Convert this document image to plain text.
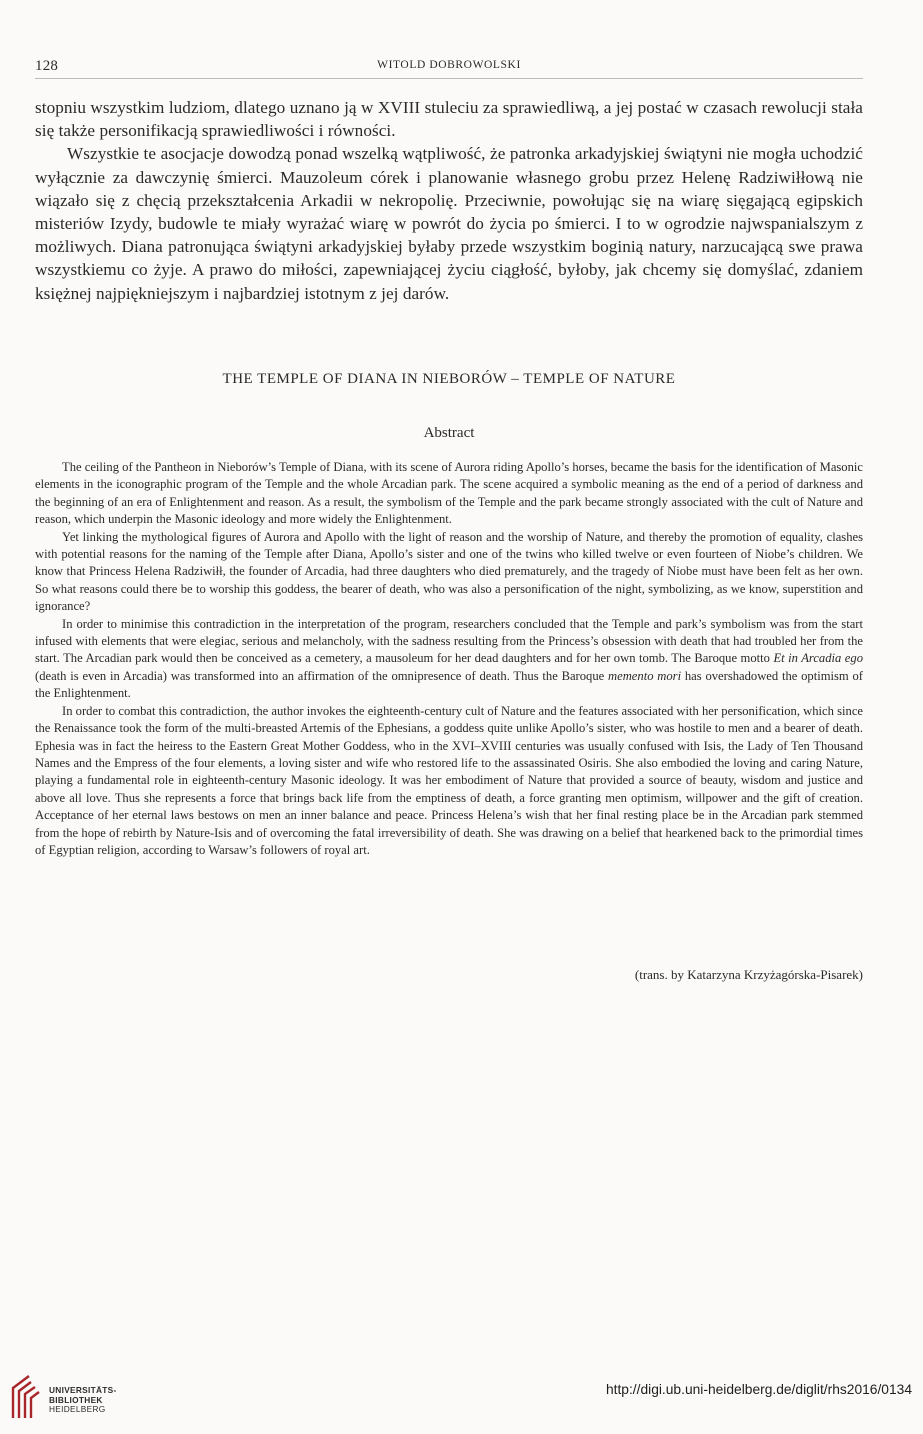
128	WITOLD DOBROWOLSKI

stopniu wszystkim ludziom, dlatego uznano ją w XVIII stuleciu za sprawiedliwą, a jej postać w czasach rewolucji stała się także personifikacją sprawiedliwości i równości.

Wszystkie te asocjacje dowodzą ponad wszelką wątpliwość, że patronka arkadyjskiej świątyni nie mogła uchodzić wyłącznie za dawczynię śmierci. Mauzoleum córek i planowanie własnego grobu przez Helenę Radziwiłłową nie wiązało się z chęcią przekształcenia Arkadii w nekropolię. Przeciwnie, powołując się na wiarę sięgającą egipskich misteriów Izydy, budowle te miały wyrażać wiarę w powrót do życia po śmierci. I to w ogrodzie najwspanialszym z możliwych. Diana patronująca świątyni arkadyjskiej byłaby przede wszystkim boginią natury, narzucającą swe prawa wszystkiemu co żyje. A prawo do miłości, zapewniającej życiu ciągłość, byłoby, jak chcemy się domyślać, zdaniem księżnej najpiękniejszym i najbardziej istotnym z jej darów.

THE TEMPLE OF DIANA IN NIEBORÓW – TEMPLE OF NATURE
Abstract

The ceiling of the Pantheon in Nieborów’s Temple of Diana, with its scene of Aurora riding Apollo’s horses, became the basis for the identification of Masonic elements in the iconographic program of the Temple and the whole Arcadian park. The scene acquired a symbolic meaning as the end of a period of darkness and the beginning of an era of Enlightenment and reason. As a result, the symbolism of the Temple and the park became strongly associated with the cult of Nature and reason, which underpin the Masonic ideology and more widely the Enlightenment.

Yet linking the mythological figures of Aurora and Apollo with the light of reason and the worship of Nature, and thereby the promotion of equality, clashes with potential reasons for the naming of the Temple after Diana, Apollo’s sister and one of the twins who killed twelve or even fourteen of Niobe’s children. We know that Princess Helena Radziwiłł, the founder of Arcadia, had three daughters who died prematurely, and the tragedy of Niobe must have been felt as her own. So what reasons could there be to worship this goddess, the bearer of death, who was also a personification of the night, symbolizing, as we know, superstition and ignorance?

In order to minimise this contradiction in the interpretation of the program, researchers concluded that the Temple and park’s symbolism was from the start infused with elements that were elegiac, serious and melancholy, with the sadness resulting from the Princess’s obsession with death that had troubled her from the start. The Arcadian park would then be conceived as a cemetery, a mausoleum for her dead daughters and for her own tomb. The Baroque motto Et in Arcadia ego (death is even in Arcadia) was transformed into an affirmation of the omnipresence of death. Thus the Baroque memento mori has overshadowed the optimism of the Enlightenment.

In order to combat this contradiction, the author invokes the eighteenth-century cult of Nature and the features associated with her personification, which since the Renaissance took the form of the multi-breasted Artemis of the Ephesians, a goddess quite unlike Apollo’s sister, who was hostile to men and a bearer of death. Ephesia was in fact the heiress to the Eastern Great Mother Goddess, who in the XVI–XVIII centuries was usually confused with Isis, the Lady of Ten Thousand Names and the Empress of the four elements, a loving sister and wife who restored life to the assassinated Osiris. She also embodied the loving and caring Nature, playing a fundamental role in eighteenth-century Masonic ideology. It was her embodiment of Nature that provided a source of beauty, wisdom and justice and above all love. Thus she represents a force that brings back life from the emptiness of death, a force granting men optimism, willpower and the gift of creation. Acceptance of her eternal laws bestows on men an inner balance and peace. Princess Helena’s wish that her final resting place be in the Arcadian park stemmed from the hope of rebirth by Nature-Isis and of overcoming the fatal irreversibility of death. She was drawing on a belief that hearkened back to the primordial times of Egyptian religion, according to Warsaw’s followers of royal art.

(trans. by Katarzyna Krzyżagórska-Pisarek)
UNIVERSITÄTS-
BIBLIOTHEK
HEIDELBERG
http://digi.ub.uni-heidelberg.de/diglit/rhs2016/0134
